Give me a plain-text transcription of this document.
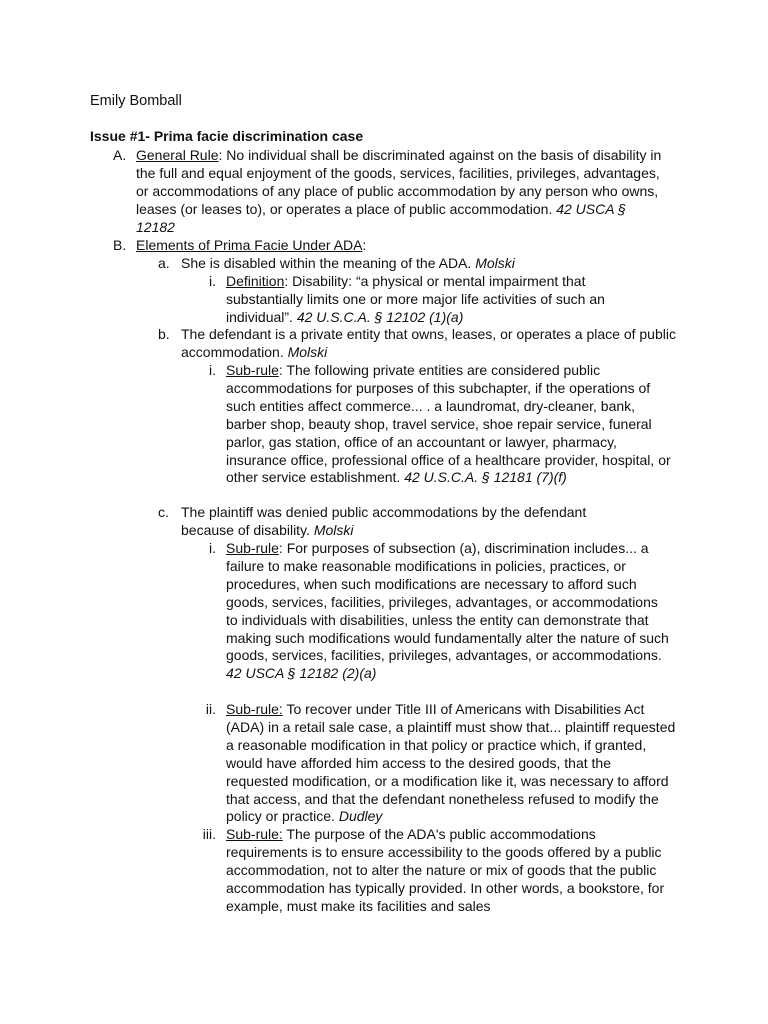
Emily Bomball
Issue #1- Prima facie discrimination case
A. General Rule: No individual shall be discriminated against on the basis of disability in the full and equal enjoyment of the goods, services, facilities, privileges, advantages, or accommodations of any place of public accommodation by any person who owns, leases (or leases to), or operates a place of public accommodation. 42 USCA § 12182
B. Elements of Prima Facie Under ADA:
a. She is disabled within the meaning of the ADA. Molski
i. Definition: Disability: “a physical or mental impairment that substantially limits one or more major life activities of such an individual”. 42 U.S.C.A. § 12102 (1)(a)
b. The defendant is a private entity that owns, leases, or operates a place of public accommodation. Molski
i. Sub-rule: The following private entities are considered public accommodations for purposes of this subchapter, if the operations of such entities affect commerce... . a laundromat, dry-cleaner, bank, barber shop, beauty shop, travel service, shoe repair service, funeral parlor, gas station, office of an accountant or lawyer, pharmacy, insurance office, professional office of a healthcare provider, hospital, or other service establishment. 42 U.S.C.A. § 12181 (7)(f)
c. The plaintiff was denied public accommodations by the defendant because of disability. Molski
i. Sub-rule: For purposes of subsection (a), discrimination includes... a failure to make reasonable modifications in policies, practices, or procedures, when such modifications are necessary to afford such goods, services, facilities, privileges, advantages, or accommodations to individuals with disabilities, unless the entity can demonstrate that making such modifications would fundamentally alter the nature of such goods, services, facilities, privileges, advantages, or accommodations. 42 USCA § 12182 (2)(a)
ii. Sub-rule: To recover under Title III of Americans with Disabilities Act (ADA) in a retail sale case, a plaintiff must show that... plaintiff requested a reasonable modification in that policy or practice which, if granted, would have afforded him access to the desired goods, that the requested modification, or a modification like it, was necessary to afford that access, and that the defendant nonetheless refused to modify the policy or practice. Dudley
iii. Sub-rule: The purpose of the ADA's public accommodations requirements is to ensure accessibility to the goods offered by a public accommodation, not to alter the nature or mix of goods that the public accommodation has typically provided. In other words, a bookstore, for example, must make its facilities and sales
